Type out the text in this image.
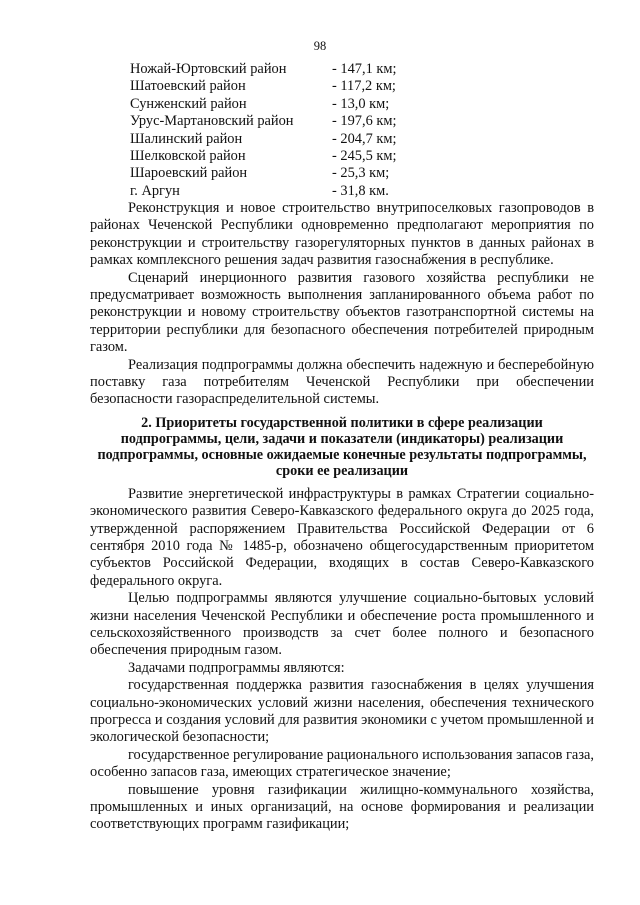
98
Ножай-Юртовский район	- 147,1 км;
Шатоевский район	- 117,2 км;
Сунженский район	- 13,0 км;
Урус-Мартановский район	- 197,6 км;
Шалинский район	- 204,7 км;
Шелковской район	- 245,5 км;
Шароевский район	- 25,3 км;
г. Аргун	- 31,8 км.

Реконструкция и новое строительство внутрипоселковых газопроводов в районах Чеченской Республики одновременно предполагают мероприятия по реконструкции и строительству газорегуляторных пунктов в данных районах в рамках комплексного решения задач развития газоснабжения в республике.

Сценарий инерционного развития газового хозяйства республики не предусматривает возможность выполнения запланированного объема работ по реконструкции и новому строительству объектов газотранспортной системы на территории республики для безопасного обеспечения потребителей природным газом.

Реализация подпрограммы должна обеспечить надежную и бесперебойную поставку газа потребителям Чеченской Республики при обеспечении безопасности газораспределительной системы.

2. Приоритеты государственной политики в сфере реализации подпрограммы, цели, задачи и показатели (индикаторы) реализации подпрограммы, основные ожидаемые конечные результаты подпрограммы, сроки ее реализации

Развитие энергетической инфраструктуры в рамках Стратегии социально-экономического развития Северо-Кавказского федерального округа до 2025 года, утвержденной распоряжением Правительства Российской Федерации от 6 сентября 2010 года № 1485-р, обозначено общегосударственным приоритетом субъектов Российской Федерации, входящих в состав Северо-Кавказского федерального округа.

Целью подпрограммы являются улучшение социально-бытовых условий жизни населения Чеченской Республики и обеспечение роста промышленного и сельскохозяйственного производств за счет более полного и безопасного обеспечения природным газом.

Задачами подпрограммы являются:

государственная поддержка развития газоснабжения в целях улучшения социально-экономических условий жизни населения, обеспечения технического прогресса и создания условий для развития экономики с учетом промышленной и экологической безопасности;

государственное регулирование рационального использования запасов газа, особенно запасов газа, имеющих стратегическое значение;

повышение уровня газификации жилищно-коммунального хозяйства, промышленных и иных организаций, на основе формирования и реализации соответствующих программ газификации;
